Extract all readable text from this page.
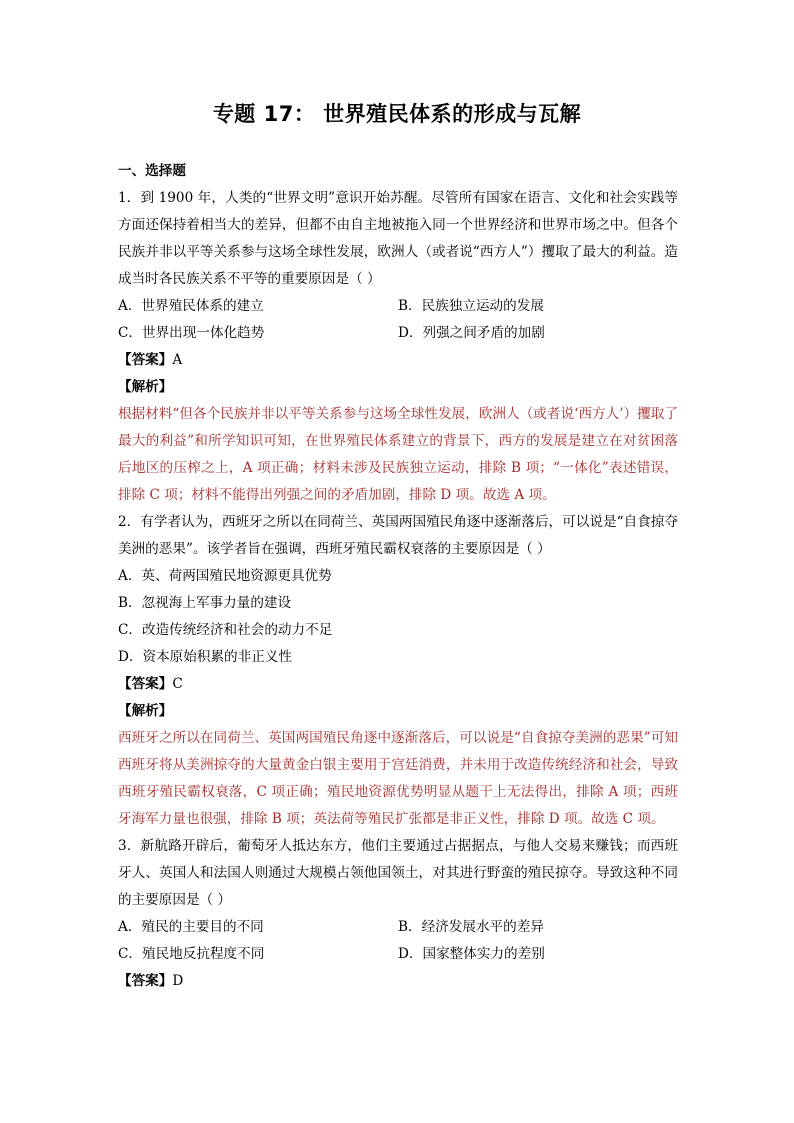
专题 17： 世界殖民体系的形成与瓦解
一、选择题
1．到 1900 年，人类的“世界文明”意识开始苏醒。尽管所有国家在语言、文化和社会实践等方面还保持着相当大的差异，但都不由自主地被拖入同一个世界经济和世界市场之中。但各个民族并非以平等关系参与这场全球性发展，欧洲人（或者说“西方人”）攫取了最大的利益。造成当时各民族关系不平等的重要原因是（ ）
A．世界殖民体系的建立	B．民族独立运动的发展
C．世界出现一体化趋势	D．列强之间矛盾的加剧
【答案】A
【解析】
根据材料“但各个民族并非以平等关系参与这场全球性发展，欧洲人（或者说‘西方人’）攫取了最大的利益”和所学知识可知，在世界殖民体系建立的背景下，西方的发展是建立在对贫困落后地区的压榨之上，A 项正确；材料未涉及民族独立运动，排除 B 项；“一体化”表述错误，排除 C 项；材料不能得出列强之间的矛盾加剧，排除 D 项。故选 A 项。
2．有学者认为，西班牙之所以在同荷兰、英国两国殖民角逐中逐渐落后，可以说是“自食掠夺美洲的恶果”。该学者旨在强调，西班牙殖民霸权衰落的主要原因是（ ）
A．英、荷两国殖民地资源更具优势
B．忽视海上军事力量的建设
C．改造传统经济和社会的动力不足
D．资本原始积累的非正义性
【答案】C
【解析】
西班牙之所以在同荷兰、英国两国殖民角逐中逐渐落后，可以说是“自食掠夺美洲的恶果”可知西班牙将从美洲掠夺的大量黄金白银主要用于宫廷消费，并未用于改造传统经济和社会，导致西班牙殖民霸权衰落，C 项正确；殖民地资源优势明显从题干上无法得出，排除 A 项；西班牙海军力量也很强，排除 B 项；英法荷等殖民扩张都是非正义性，排除 D 项。故选 C 项。
3．新航路开辟后，葡萄牙人抵达东方，他们主要通过占据据点，与他人交易来赚钱；而西班牙人、英国人和法国人则通过大规模占领他国领土，对其进行野蛮的殖民掠夺。导致这种不同的主要原因是（ ）
A．殖民的主要目的不同	B．经济发展水平的差异
C．殖民地反抗程度不同	D．国家整体实力的差别
【答案】D
